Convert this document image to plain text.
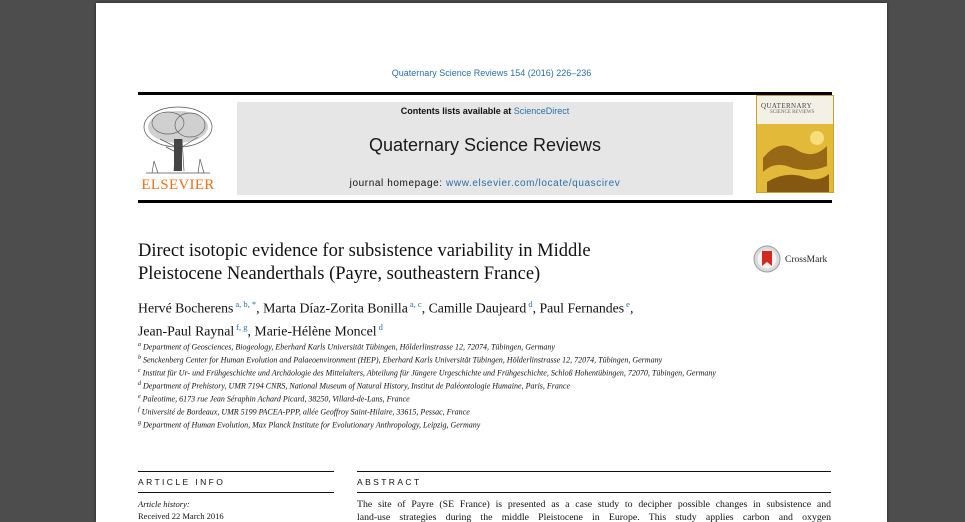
Quaternary Science Reviews 154 (2016) 226–236
ELSEVIER
Contents lists available at ScienceDirect
Quaternary Science Reviews
journal homepage: www.elsevier.com/locate/quascirev
QUATERNARY
SCIENCE REVIEWS
Direct isotopic evidence for subsistence variability in Middle
Pleistocene Neanderthals (Payre, southeastern France)
CrossMark
Hervé Bocherens $^{a, b, *}$, Marta Díaz-Zorita Bonilla $^{a, c}$, Camille Daujeard $^d$, Paul Fernandes $^e$,
Jean-Paul Raynal $^{f, g}$, Marie-Hélène Moncel $^d$
$^a$ Department of Geosciences, Biogeology, Eberhard Karls Universität Tübingen, Hölderlinstrasse 12, 72074, Tübingen, Germany
$^b$ Senckenberg Center for Human Evolution and Palaeoenvironment (HEP), Eberhard Karls Universität Tübingen, Hölderlinstrasse 12, 72074, Tübingen, Germany
$^c$ Institut für Ur- und Frühgeschichte und Archäologie des Mittelalters, Abteilung für Jüngere Urgeschichte und Frühgeschichte, Schloß Hohentübingen, 72070, Tübingen, Germany
$^d$ Department of Prehistory, UMR 7194 CNRS, National Museum of Natural History, Institut de Paléontologie Humaine, Paris, France
$^e$ Paleotime, 6173 rue Jean Séraphin Achard Picard, 38250, Villard-de-Lans, France
$^f$ Université de Bordeaux, UMR 5199 PACEA-PPP, allée Geoffroy Saint-Hilaire, 33615, Pessac, France
$^g$ Department of Human Evolution, Max Planck Institute for Evolutionary Anthropology, Leipzig, Germany
ARTICLE INFO	ABSTRACT
Article history:
Received 22 March 2016
The site of Payre (SE France) is presented as a case study to decipher possible changes in subsistence and
land-use strategies during the middle Pleistocene in Europe. This study applies carbon and oxygen
